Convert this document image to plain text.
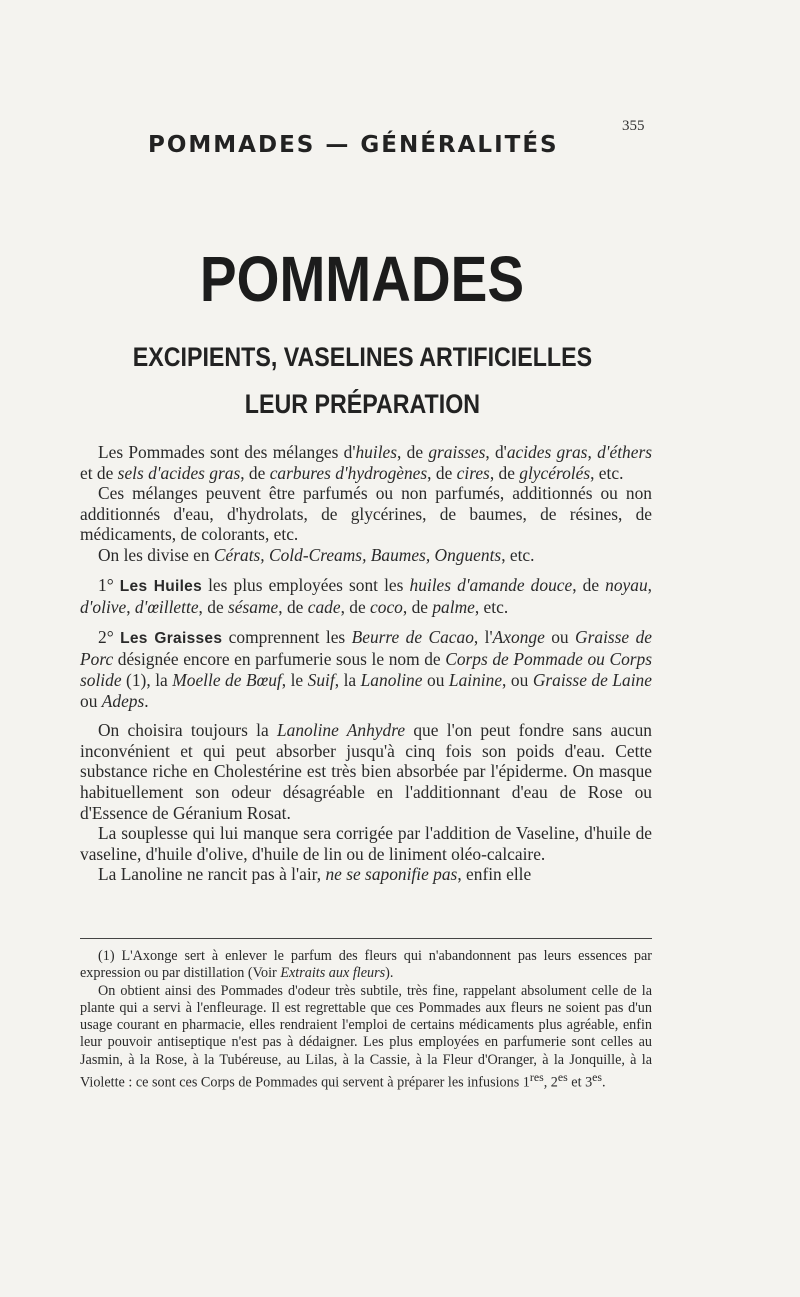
POMMADES — GÉNÉRALITÉS
355
POMMADES
EXCIPIENTS, VASELINES ARTIFICIELLES
LEUR PRÉPARATION

Les Pommades sont des mélanges d'huiles, de graisses, d'acides gras, d'éthers et de sels d'acides gras, de carbures d'hydrogènes, de cires, de glycérolés, etc.

Ces mélanges peuvent être parfumés ou non parfumés, additionnés ou non additionnés d'eau, d'hydrolats, de glycérines, de baumes, de résines, de médicaments, de colorants, etc.

On les divise en Cérats, Cold-Creams, Baumes, Onguents, etc.

1° Les Huiles les plus employées sont les huiles d'amande douce, de noyau, d'olive, d'œillette, de sésame, de cade, de coco, de palme, etc.

2° Les Graisses comprennent les Beurre de Cacao, l'Axonge ou Graisse de Porc désignée encore en parfumerie sous le nom de Corps de Pommade ou Corps solide (1), la Moelle de Bœuf, le Suif, la Lanoline ou Lainine, ou Graisse de Laine ou Adeps.

On choisira toujours la Lanoline Anhydre que l'on peut fondre sans aucun inconvénient et qui peut absorber jusqu'à cinq fois son poids d'eau. Cette substance riche en Cholestérine est très bien absorbée par l'épiderme. On masque habituellement son odeur désagréable en l'additionnant d'eau de Rose ou d'Essence de Géranium Rosat.

La souplesse qui lui manque sera corrigée par l'addition de Vaseline, d'huile de vaseline, d'huile d'olive, d'huile de lin ou de liniment oléo-calcaire.

La Lanoline ne rancit pas à l'air, ne se saponifie pas, enfin elle

(1) L'Axonge sert à enlever le parfum des fleurs qui n'abandonnent pas leurs essences par expression ou par distillation (Voir Extraits aux fleurs).

On obtient ainsi des Pommades d'odeur très subtile, très fine, rappelant absolument celle de la plante qui a servi à l'enfleurage. Il est regrettable que ces Pommades aux fleurs ne soient pas d'un usage courant en pharmacie, elles rendraient l'emploi de certains médicaments plus agréable, enfin leur pouvoir antiseptique n'est pas à dédaigner. Les plus employées en parfumerie sont celles au Jasmin, à la Rose, à la Tubéreuse, au Lilas, à la Cassie, à la Fleur d'Oranger, à la Jonquille, à la Violette : ce sont ces Corps de Pommades qui servent à préparer les infusions 1res, $2^{es}$ et $3^{es}$.
